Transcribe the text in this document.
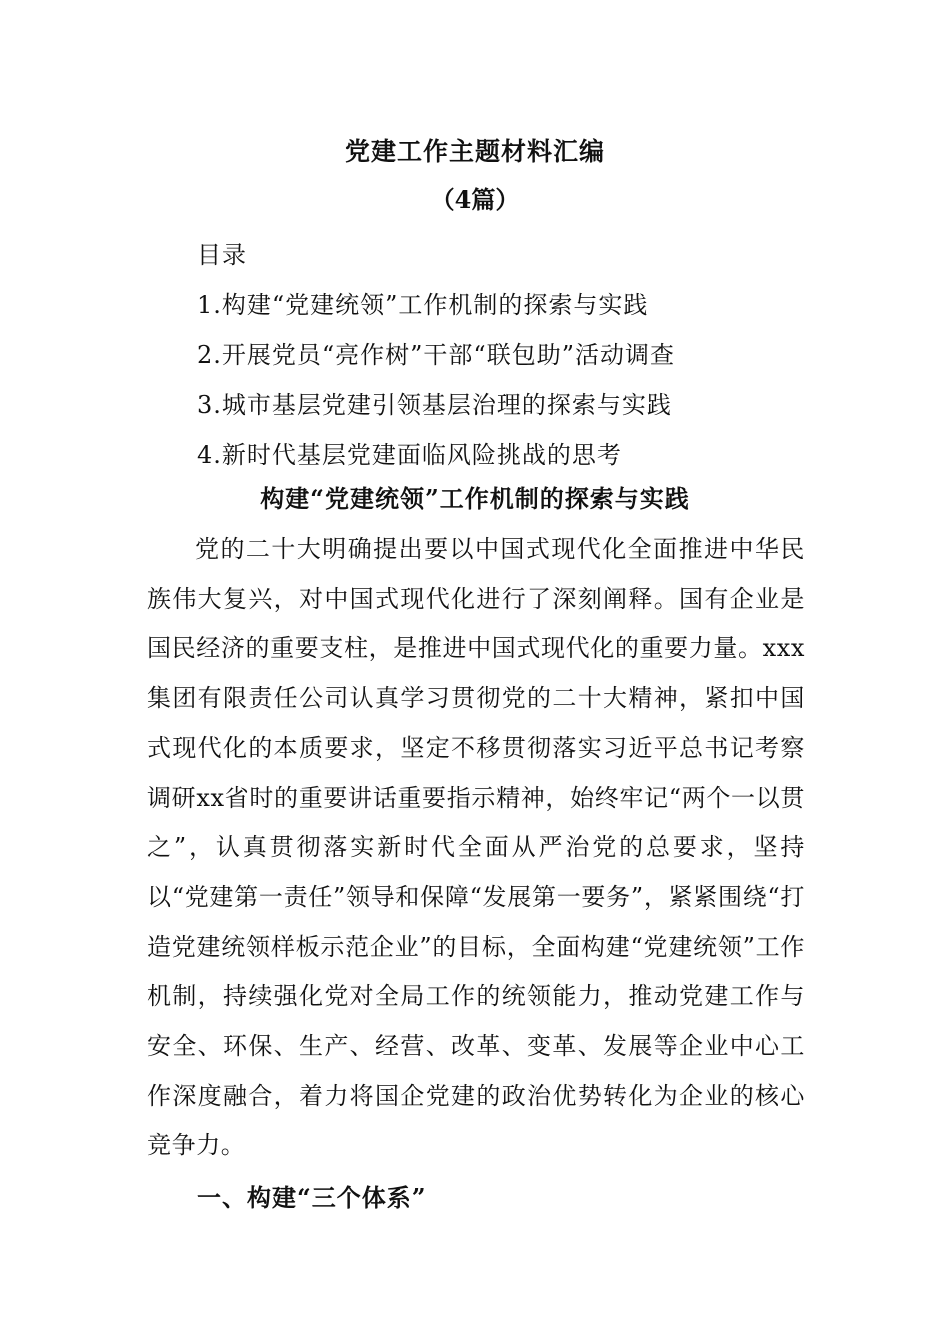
党建工作主题材料汇编
（4篇）
目录
1.构建“党建统领”工作机制的探索与实践
2.开展党员“亮作树”干部“联包助”活动调查
3.城市基层党建引领基层治理的探索与实践
4.新时代基层党建面临风险挑战的思考
构建“党建统领”工作机制的探索与实践
党的二十大明确提出要以中国式现代化全面推进中华民族伟大复兴，对中国式现代化进行了深刻阐释。国有企业是国民经济的重要支柱，是推进中国式现代化的重要力量。xxx集团有限责任公司认真学习贯彻党的二十大精神，紧扣中国式现代化的本质要求，坚定不移贯彻落实习近平总书记考察调研xx省时的重要讲话重要指示精神，始终牢记“两个一以贯之”，认真贯彻落实新时代全面从严治党的总要求，坚持以“党建第一责任”领导和保障“发展第一要务”，紧紧围绕“打造党建统领样板示范企业”的目标，全面构建“党建统领”工作机制，持续强化党对全局工作的统领能力，推动党建工作与安全、环保、生产、经营、改革、变革、发展等企业中心工作深度融合，着力将国企党建的政治优势转化为企业的核心竞争力。
一、构建“三个体系”
